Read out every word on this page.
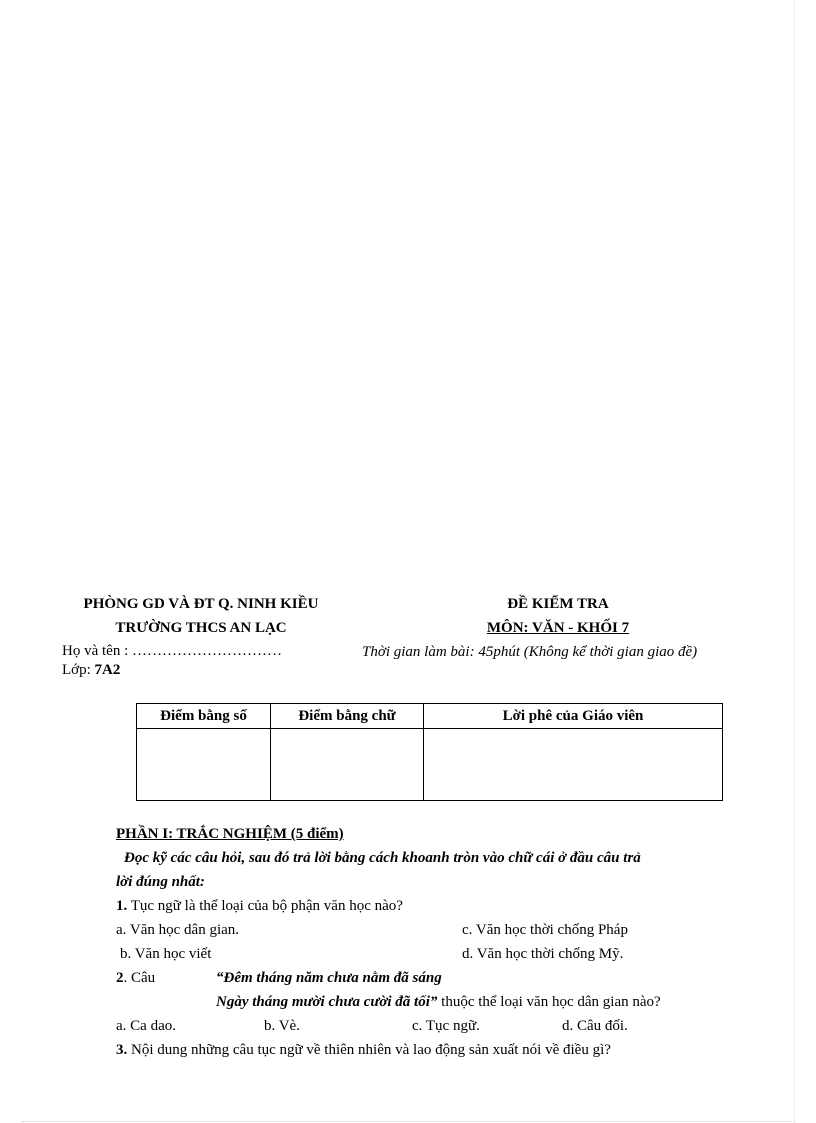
PHÒNG GD VÀ ĐT Q. NINH KIỀU
TRƯỜNG THCS AN LẠC
Họ và tên : …………………………
Lớp: 7A2
ĐỀ KIỂM TRA
MÔN: VĂN - KHỐI 7
Thời gian làm bài: 45phút (Không kể thời gian giao đề)
Điểm bằng số	Điểm bằng chữ	Lời phê của Giáo viên

PHẦN I: TRẮC NGHIỆM (5 điểm)
Đọc kỹ các câu hỏi, sau đó trả lời bằng cách khoanh tròn vào chữ cái ở đầu câu trả
lời đúng nhất:
1. Tục ngữ là thể loại của bộ phận văn học nào?
a. Văn học dân gian.	c. Văn học thời chống Pháp
b. Văn học viết	d. Văn học thời chống Mỹ.
2. Câu	“Đêm tháng năm chưa nằm đã sáng
Ngày tháng mười chưa cười đã tối” thuộc thể loại văn học dân gian nào?
a. Ca dao.	b. Vè.	c. Tục ngữ.	d. Câu đối.
3. Nội dung những câu tục ngữ về thiên nhiên và lao động sản xuất nói về điều gì?
